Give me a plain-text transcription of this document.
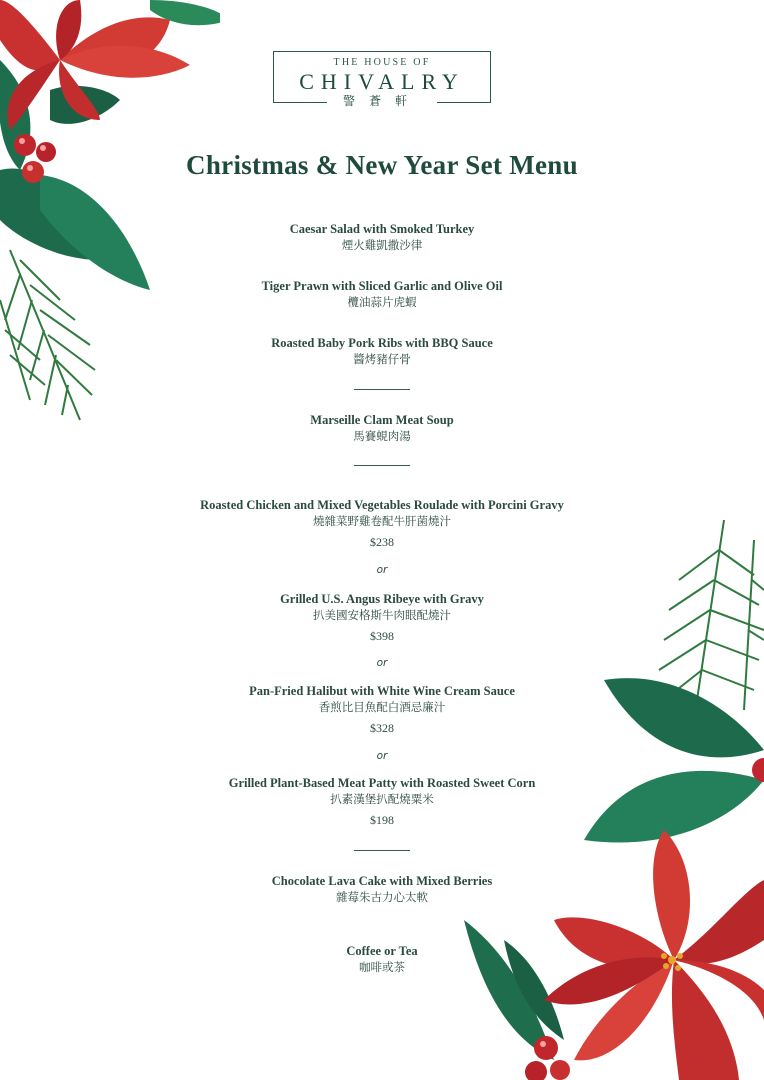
THE HOUSE OF
CHIVALRY
警蒼軒
Christmas & New Year Set Menu
Caesar Salad with Smoked Turkey
煙火雞凱撒沙律
Tiger Prawn with Sliced Garlic and Olive Oil
欖油蒜片虎蝦
Roasted Baby Pork Ribs with BBQ Sauce
醬烤豬仔骨
Marseille Clam Meat Soup
馬賽蜆肉湯
Roasted Chicken and Mixed Vegetables Roulade with Porcini Gravy
燒雜菜野雞卷配牛肝菌燒汁
$238
or
Grilled U.S. Angus Ribeye with Gravy
扒美國安格斯牛肉眼配燒汁
$398
or
Pan-Fried Halibut with White Wine Cream Sauce
香煎比目魚配白酒忌廉汁
$328
or
Grilled Plant-Based Meat Patty with Roasted Sweet Corn
扒素漢堡扒配燒粟米
$198
Chocolate Lava Cake with Mixed Berries
雜莓朱古力心太軟
Coffee or Tea
咖啡或茶
